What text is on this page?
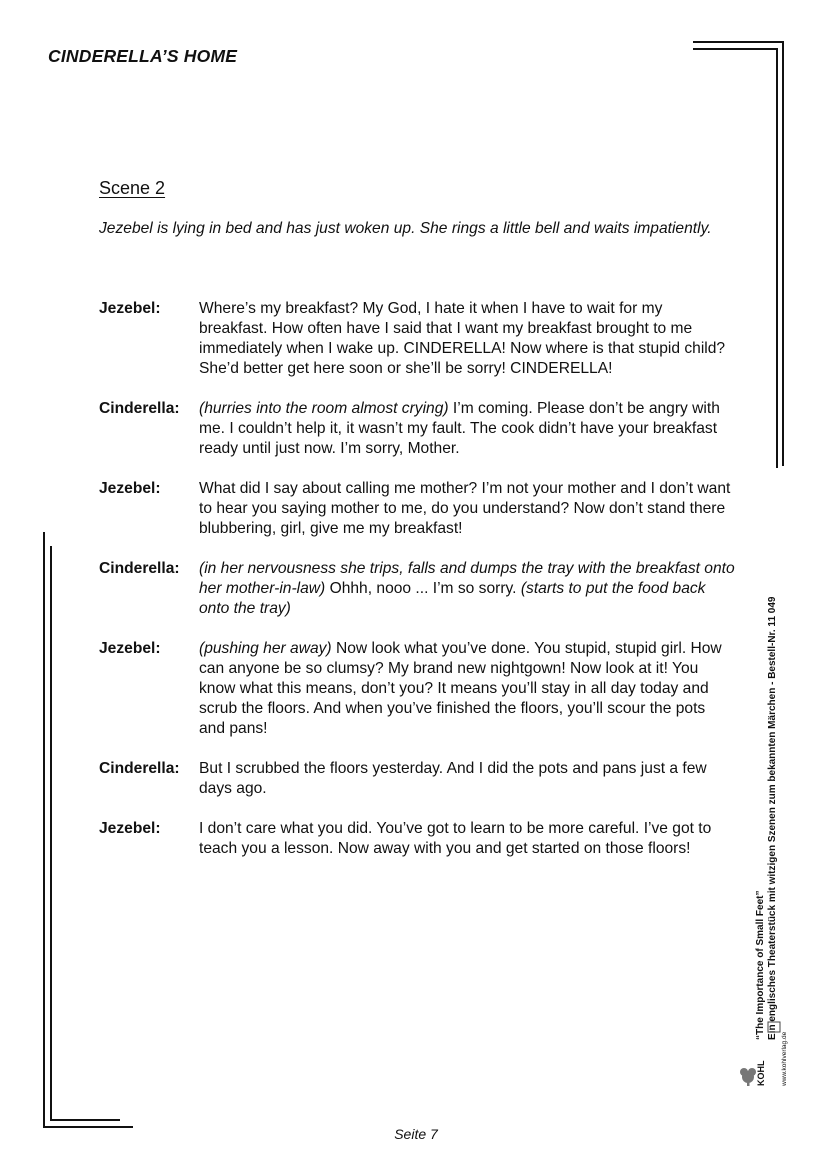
CINDERELLA’S HOME
Scene 2
Jezebel is lying in bed and has just woken up. She rings a little bell and waits impatiently.
Jezebel:	Where’s my breakfast? My God, I hate it when I have to wait for my breakfast. How often have I said that I want my breakfast brought to me immediately when I wake up. CINDERELLA! Now where is that stupid child? She’d better get here soon or she’ll be sorry! CINDERELLA!
Cinderella:	(hurries into the room almost crying) I’m coming. Please don’t be angry with me. I couldn’t help it, it wasn’t my fault. The cook didn’t have your breakfast ready until just now. I’m sorry, Mother.
Jezebel:	What did I say about calling me mother? I’m not your mother and I don’t want to hear you saying mother to me, do you understand? Now don’t stand there blubbering, girl, give me my breakfast!
Cinderella:	(in her nervousness she trips, falls and dumps the tray with the breakfast onto her mother-in-law) Ohhh, nooo ... I’m so sorry. (starts to put the food back onto the tray)
Jezebel:	(pushing her away) Now look what you’ve done. You stupid, stupid girl. How can anyone be so clumsy? My brand new nightgown! Now look at it! You know what this means, don’t you? It means you’ll stay in all day today and scrub the floors. And when you’ve finished the floors, you’ll scour the pots and pans!
Cinderella:	But I scrubbed the floors yesterday. And I did the pots and pans just a few days ago.
Jezebel:	I don’t care what you did. You’ve got to learn to be more careful. I’ve got to teach you a lesson. Now away with you and get started on those floors!
“The Importance of Small Feet” Ein englisches Theaterstück mit witzigen Szenen zum bekannten Märchen - Bestell-Nr. 11 049
KOHL www.kohlverlag.de
Seite 7
